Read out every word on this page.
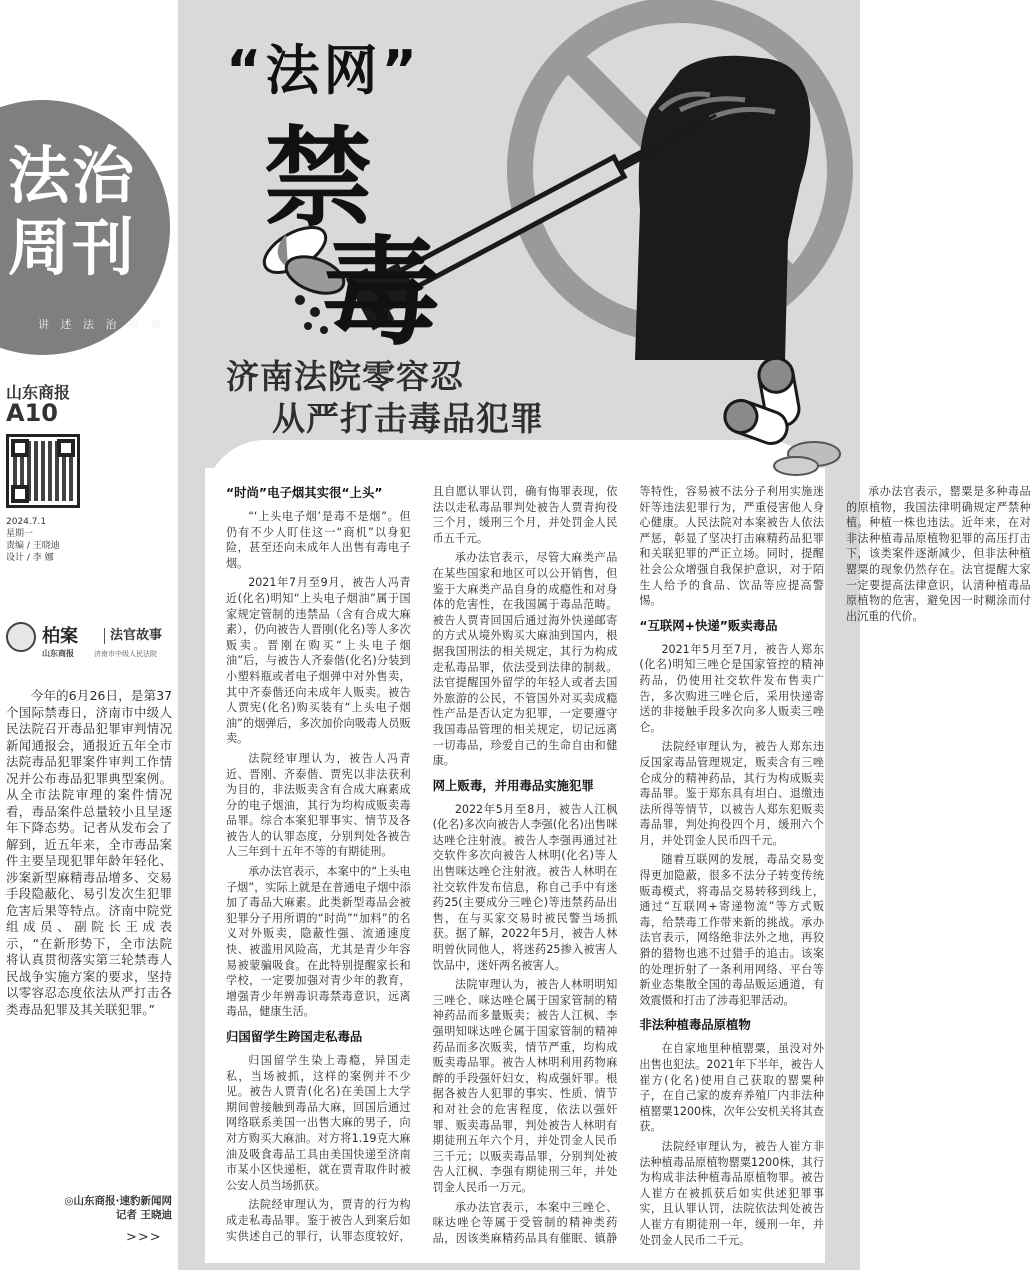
法治
周刊
讲 述 法 治 故 事
山东商报
A10
2024.7.1
星期一
责编 / 王晓迪
设计 / 李 娜
柏案 法官故事
山东商报	济南市中级人民法院

今年的6月26日，是第37个国际禁毒日，济南市中级人民法院召开毒品犯罪审判情况新闻通报会，通报近五年全市法院毒品犯罪案件审判工作情况并公布毒品犯罪典型案例。从全市法院审理的案件情况看，毒品案件总量较小且呈逐年下降态势。记者从发布会了解到，近五年来，全市毒品案件主要呈现犯罪年龄年轻化、涉案新型麻精毒品增多、交易手段隐蔽化、易引发次生犯罪危害后果等特点。济南中院党组成员、副院长王成表示，“在新形势下，全市法院将认真贯彻落实第三轮禁毒人民战争实施方案的要求，坚持以零容忍态度依法从严打击各类毒品犯罪及其关联犯罪。”

◎山东商报·速豹新闻网
记者 王晓迪
>>>
“法网”
禁
毒
济南法院零容忍
从严打击毒品犯罪
“时尚”电子烟其实很“上头”

“‘上头电子烟’是毒不是烟”。但仍有不少人盯住这一“商机”以身犯险，甚至还向未成年人出售有毒电子烟。

2021年7月至9月，被告人冯青近(化名)明知“上头电子烟油”属于国家规定管制的违禁品（含有合成大麻素），仍向被告人晋刚(化名)等人多次贩卖。晋刚在购买“上头电子烟油”后，与被告人齐泰偕(化名)分装到小塑料瓶或者电子烟弹中对外售卖，其中齐泰偕还向未成年人贩卖。被告人贾宪(化名)购买装有“上头电子烟油”的烟弹后，多次加价向吸毒人员贩卖。

法院经审理认为，被告人冯青近、晋刚、齐泰偕、贾宪以非法获利为目的，非法贩卖含有合成大麻素成分的电子烟油，其行为均构成贩卖毒品罪。综合本案犯罪事实、情节及各被告人的认罪态度，分别判处各被告人三年到十五年不等的有期徒刑。

承办法官表示，本案中的“上头电子烟”，实际上就是在普通电子烟中添加了毒品大麻素。此类新型毒品会被犯罪分子用所谓的“时尚”“加料”的名义对外贩卖，隐蔽性强、流通速度快、被滥用风险高，尤其是青少年容易被蒙骗吸食。在此特别提醒家长和学校，一定要加强对青少年的教育，增强青少年辨毒识毒禁毒意识，远离毒品，健康生活。

归国留学生跨国走私毒品

归国留学生染上毒瘾，异国走私，当场被抓，这样的案例并不少见。被告人贾青(化名)在美国上大学期间曾接触到毒品大麻，回国后通过网络联系美国一出售大麻的男子，向对方购买大麻油。对方将1.19克大麻油及吸食毒品工具由美国快递至济南市某小区快递柜，就在贾青取件时被公安人员当场抓获。

法院经审理认为，贾青的行为构成走私毒品罪。鉴于被告人到案后如实供述自己的罪行，认罪态度较好，且自愿认罪认罚，确有悔罪表现，依法以走私毒品罪判处被告人贾青拘役三个月，缓刑三个月，并处罚金人民币五千元。

承办法官表示，尽管大麻类产品在某些国家和地区可以公开销售，但鉴于大麻类产品自身的成瘾性和对身体的危害性，在我国属于毒品范畴。被告人贾青回国后通过海外快递邮寄的方式从境外购买大麻油到国内，根据我国刑法的相关规定，其行为构成走私毒品罪，依法受到法律的制裁。法官提醒国外留学的年轻人或者去国外旅游的公民，不管国外对买卖成瘾性产品是否认定为犯罪，一定要遵守我国毒品管理的相关规定，切记远离一切毒品，珍爱自己的生命自由和健康。

网上贩毒，并用毒品实施犯罪

2022年5月至8月，被告人江枫(化名)多次向被告人李强(化名)出售咪达唑仑注射液。被告人李强再通过社交软件多次向被告人林明(化名)等人出售咪达唑仑注射液。被告人林明在社交软件发布信息，称自己手中有迷药25(主要成分三唑仑)等违禁药品出售，在与买家交易时被民警当场抓获。据了解，2022年5月，被告人林明曾伙同他人，将迷药25掺入被害人饮品中，迷奸两名被害人。

法院审理认为，被告人林明明知三唑仑、咪达唑仑属于国家管制的精神药品而多量贩卖；被告人江枫、李强明知咪达唑仑属于国家管制的精神药品而多次贩卖，情节严重，均构成贩卖毒品罪。被告人林明利用药物麻醉的手段强奸妇女，构成强奸罪。根据各被告人犯罪的事实、性质、情节和对社会的危害程度，依法以强奸罪、贩卖毒品罪，判处被告人林明有期徒刑五年六个月，并处罚金人民币三千元；以贩卖毒品罪，分别判处被告人江枫、李强有期徒刑三年，并处罚金人民币一万元。

承办法官表示，本案中三唑仑、咪达唑仑等属于受管制的精神类药品，因该类麻精药品具有催眠、镇静等特性，容易被不法分子利用实施迷奸等违法犯罪行为，严重侵害他人身心健康。人民法院对本案被告人依法严惩，彰显了坚决打击麻精药品犯罪和关联犯罪的严正立场。同时，提醒社会公众增强自我保护意识，对于陌生人给予的食品、饮品等应提高警惕。

“互联网+快递”贩卖毒品

2021年5月至7月，被告人郑东(化名)明知三唑仑是国家管控的精神药品，仍使用社交软件发布售卖广告，多次购进三唑仑后，采用快递寄送的非接触手段多次向多人贩卖三唑仑。

法院经审理认为，被告人郑东违反国家毒品管理规定，贩卖含有三唑仑成分的精神药品，其行为构成贩卖毒品罪。鉴于郑东具有坦白、退缴违法所得等情节，以被告人郑东犯贩卖毒品罪，判处拘役四个月，缓刑六个月，并处罚金人民币四千元。

随着互联网的发展，毒品交易变得更加隐蔽，很多不法分子转变传统贩毒模式，将毒品交易转移到线上，通过“互联网+寄递物流”等方式贩毒，给禁毒工作带来新的挑战。承办法官表示，网络绝非法外之地，再狡猾的猎物也逃不过猎手的追击。该案的处理折射了一条利用网络、平台等新业态集散全国的毒品贩运通道，有效震慑和打击了涉毒犯罪活动。

非法种植毒品原植物

在自家地里种植罂粟，虽没对外出售也犯法。2021年下半年，被告人崔方(化名)使用自己获取的罂粟种子，在自己家的废弃养殖厂内非法种植罂粟1200株，次年公安机关将其查获。

法院经审理认为，被告人崔方非法种植毒品原植物罂粟1200株，其行为构成非法种植毒品原植物罪。被告人崔方在被抓获后如实供述犯罪事实，且认罪认罚，法院依法判处被告人崔方有期徒刑一年，缓刑一年，并处罚金人民币二千元。

承办法官表示，罂粟是多种毒品的原植物，我国法律明确规定严禁种植。种植一株也违法。近年来，在对非法种植毒品原植物犯罪的高压打击下，该类案件逐渐减少，但非法种植罂粟的现象仍然存在。法官提醒大家一定要提高法律意识，认清种植毒品原植物的危害，避免因一时糊涂而付出沉重的代价。
